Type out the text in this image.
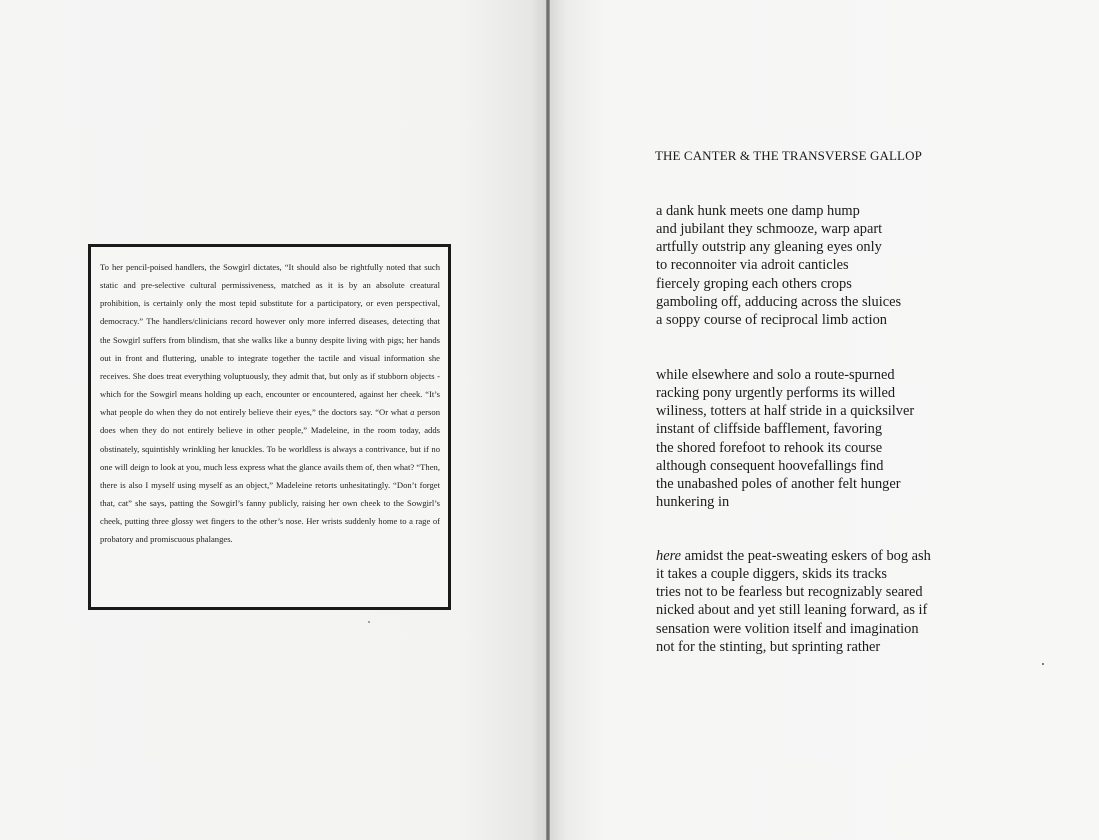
To her pencil-poised handlers, the Sowgirl dictates, “It should also be rightfully noted that such static and pre-selective cultural permissiveness, matched as it is by an absolute creatural prohibition, is certainly only the most tepid substitute for a participatory, or even perspectival, democracy.” The handlers/clinicians record however only more inferred diseases, detecting that the Sowgirl suffers from blindism, that she walks like a bunny despite living with pigs; her hands out in front and fluttering, unable to integrate together the tactile and visual information she receives. She does treat everything voluptuously, they admit that, but only as if stubborn objects - which for the Sowgirl means holding up each, encounter or encountered, against her cheek. “It’s what people do when they do not entirely believe their eyes,” the doctors say. “Or what a person does when they do not entirely believe in other people,” Madeleine, in the room today, adds obstinately, squintishly wrinkling her knuckles. To be worldless is always a contrivance, but if no one will deign to look at you, much less express what the glance avails them of, then what? “Then, there is also I myself using myself as an object,” Madeleine retorts unhesitatingly. “Don’t forget that, cat” she says, patting the Sowgirl’s fanny publicly, raising her own cheek to the Sowgirl’s cheek, putting three glossy wet fingers to the other’s nose. Her wrists suddenly home to a rage of probatory and promiscuous phalanges.

THE CANTER & THE TRANSVERSE GALLOP
a dank hunk meets one damp hump
and jubilant they schmooze, warp apart
artfully outstrip any gleaning eyes only
to reconnoiter via adroit canticles
fiercely groping each others crops
gamboling off, adducing across the sluices
a soppy course of reciprocal limb action
while elsewhere and solo a route-spurned
racking pony urgently performs its willed
wiliness, totters at half stride in a quicksilver
instant of cliffside bafflement, favoring
the shored forefoot to rehook its course
although consequent hoovefallings find
the unabashed poles of another felt hunger
hunkering in
here amidst the peat-sweating eskers of bog ash
it takes a couple diggers, skids its tracks
tries not to be fearless but recognizably seared
nicked about and yet still leaning forward, as if
sensation were volition itself and imagination
not for the stinting, but sprinting rather
